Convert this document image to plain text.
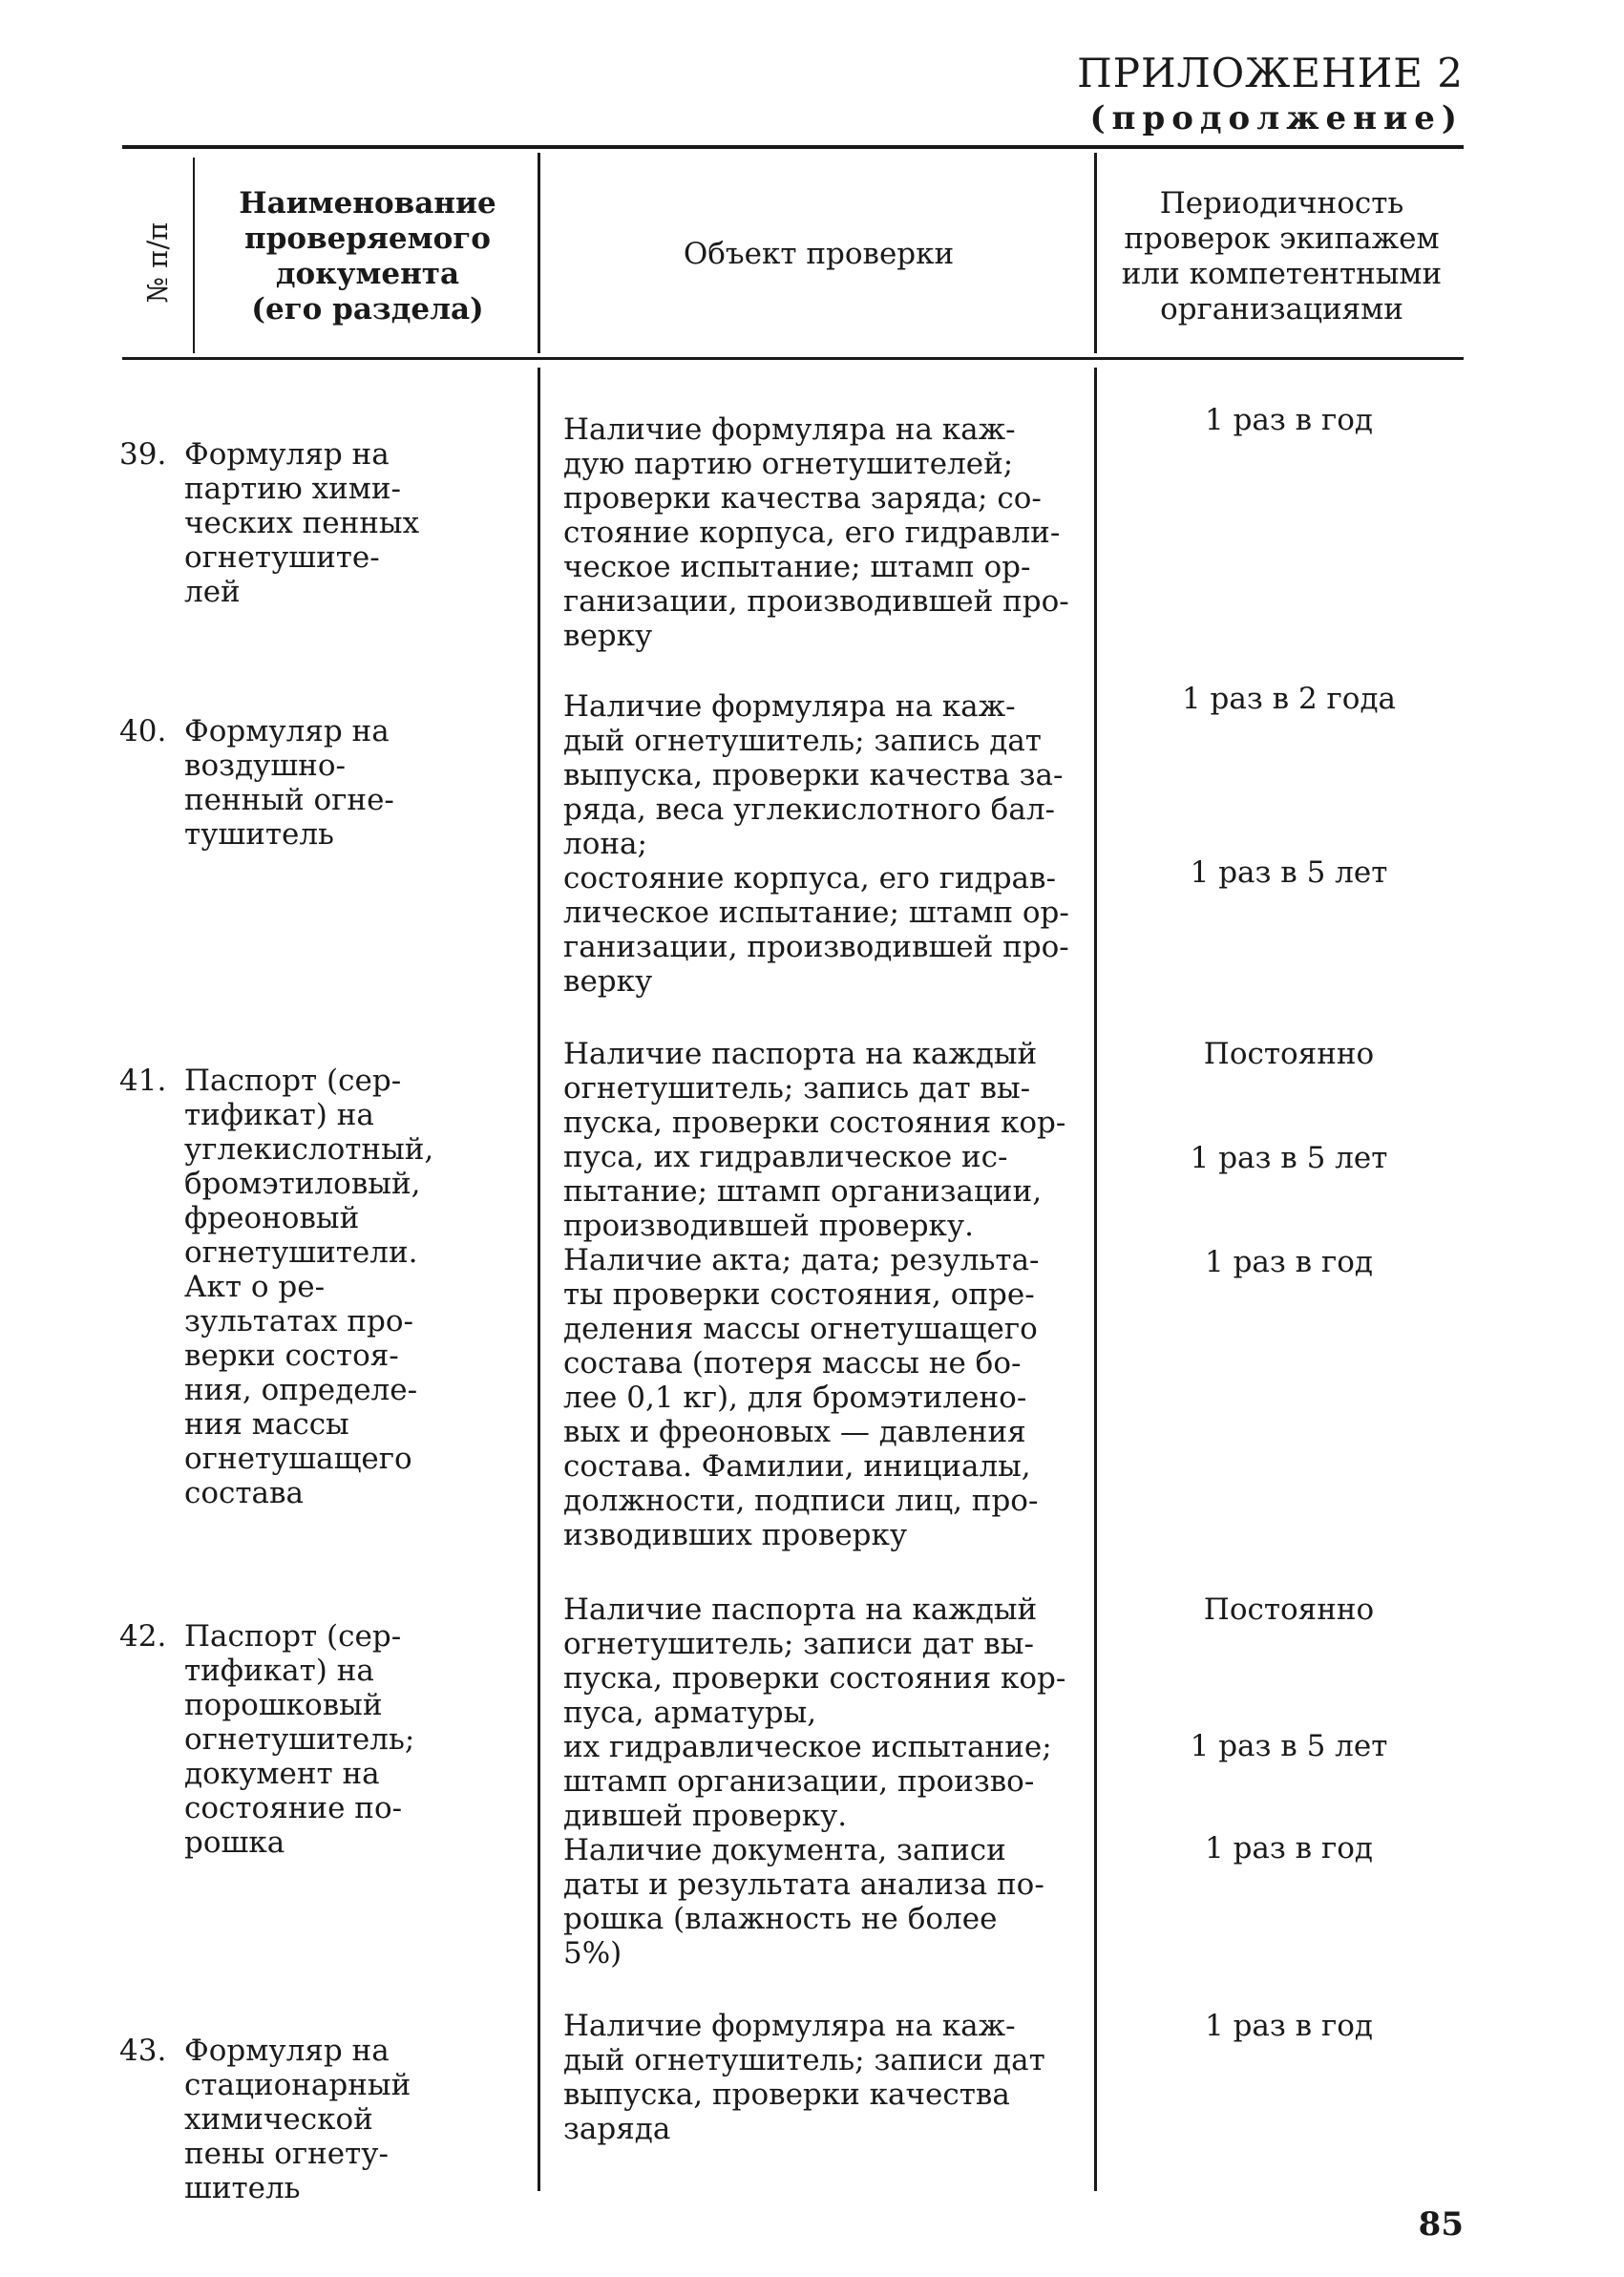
ПРИЛОЖЕНИЕ 2
(продолжение)
№ п/п
Наименование
проверяемого
документа
(его раздела)
Объект проверки
Периодичность
проверок экипажем
или компетентными
организациями

39. Формуляр на
партию хими-
ческих пенных
огнетушите-
лей

Наличие формуляра на каж-
дую партию огнетушителей;
проверки качества заряда; со-
стояние корпуса, его гидравли-
ческое испытание; штамп ор-
ганизации, производившей про-
верку
1 раз в год

40. Формуляр на
воздушно-
пенный огне-
тушитель

Наличие формуляра на каж-
дый огнетушитель; запись дат
выпуска, проверки качества за-
ряда, веса углекислотного бал-
лона;
состояние корпуса, его гидрав-
лическое испытание; штамп ор-
ганизации, производившей про-
верку
1 раз в 2 года
1 раз в 5 лет

41. Паспорт (сер-
тификат) на
углекислотный,
бромэтиловый,
фреоновый
огнетушители.
Акт о ре-
зультатах про-
верки состоя-
ния, определе-
ния массы
огнетушащего
состава

Наличие паспорта на каждый
огнетушитель; запись дат вы-
пуска, проверки состояния кор-
пуса, их гидравлическое ис-
пытание; штамп организации,
производившей проверку.
Наличие акта; дата; результа-
ты проверки состояния, опре-
деления массы огнетушащего
состава (потеря массы не бо-
лее 0,1 кг), для бромэтилено-
вых и фреоновых — давления
состава. Фамилии, инициалы,
должности, подписи лиц, про-
изводивших проверку
Постоянно
1 раз в 5 лет
1 раз в год

42. Паспорт (сер-
тификат) на
порошковый
огнетушитель;
документ на
состояние по-
рошка

Наличие паспорта на каждый
огнетушитель; записи дат вы-
пуска, проверки состояния кор-
пуса, арматуры,
их гидравлическое испытание;
штамп организации, произво-
дившей проверку.
Наличие документа, записи
даты и результата анализа по-
рошка (влажность не более
5%)
Постоянно
1 раз в 5 лет
1 раз в год

43. Формуляр на
стационарный
химической
пены огнету-
шитель

Наличие формуляра на каж-
дый огнетушитель; записи дат
выпуска, проверки качества
заряда
1 раз в год
85
